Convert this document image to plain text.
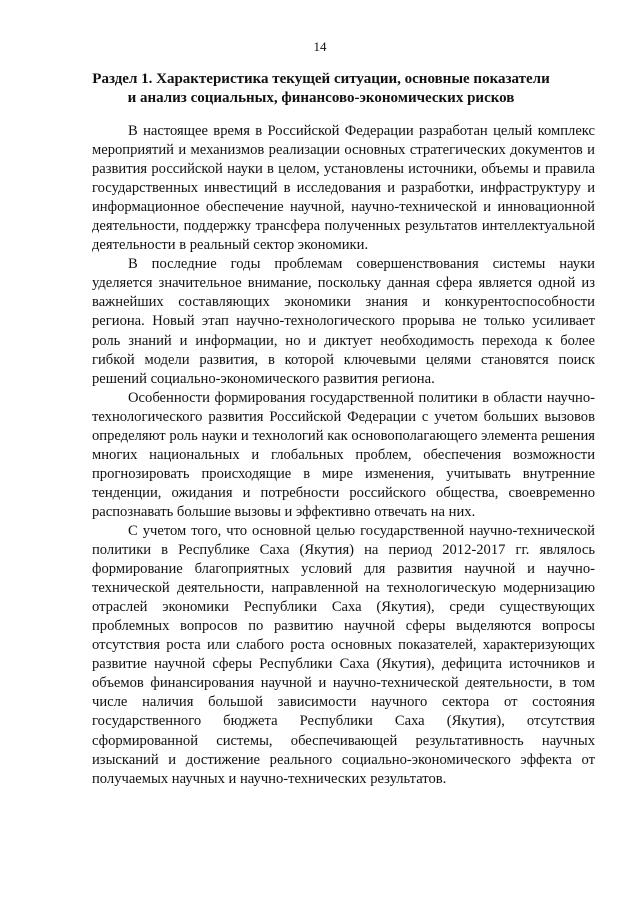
14
Раздел 1. Характеристика текущей ситуации, основные показатели
и анализ социальных, финансово-экономических рисков

В настоящее время в Российской Федерации разработан целый комплекс мероприятий и механизмов реализации основных стратегических документов и развития российской науки в целом, установлены источники, объемы и правила государственных инвестиций в исследования и разработки, инфраструктуру и информационное обеспечение научной, научно-технической и инновационной деятельности, поддержку трансфера полученных результатов интеллектуальной деятельности в реальный сектор экономики.

В последние годы проблемам совершенствования системы науки уделяется значительное внимание, поскольку данная сфера является одной из важнейших составляющих экономики знания и конкурентоспособности региона. Новый этап научно-технологического прорыва не только усиливает роль знаний и информации, но и диктует необходимость перехода к более гибкой модели развития, в которой ключевыми целями становятся поиск решений социально-экономического развития региона.

Особенности формирования государственной политики в области научно-технологического развития Российской Федерации с учетом больших вызовов определяют роль науки и технологий как основополагающего элемента решения многих национальных и глобальных проблем, обеспечения возможности прогнозировать происходящие в мире изменения, учитывать внутренние тенденции, ожидания и потребности российского общества, своевременно распознавать большие вызовы и эффективно отвечать на них.

С учетом того, что основной целью государственной научно-технической политики в Республике Саха (Якутия) на период 2012-2017 гг. являлось формирование благоприятных условий для развития научной и научно-технической деятельности, направленной на технологическую модернизацию отраслей экономики Республики Саха (Якутия), среди существующих проблемных вопросов по развитию научной сферы выделяются вопросы отсутствия роста или слабого роста основных показателей, характеризующих развитие научной сферы Республики Саха (Якутия), дефицита источников и объемов финансирования научной и научно-технической деятельности, в том числе наличия большой зависимости научного сектора от состояния государственного бюджета Республики Саха (Якутия), отсутствия сформированной системы, обеспечивающей результативность научных изысканий и достижение реального социально-экономического эффекта от получаемых научных и научно-технических результатов.
